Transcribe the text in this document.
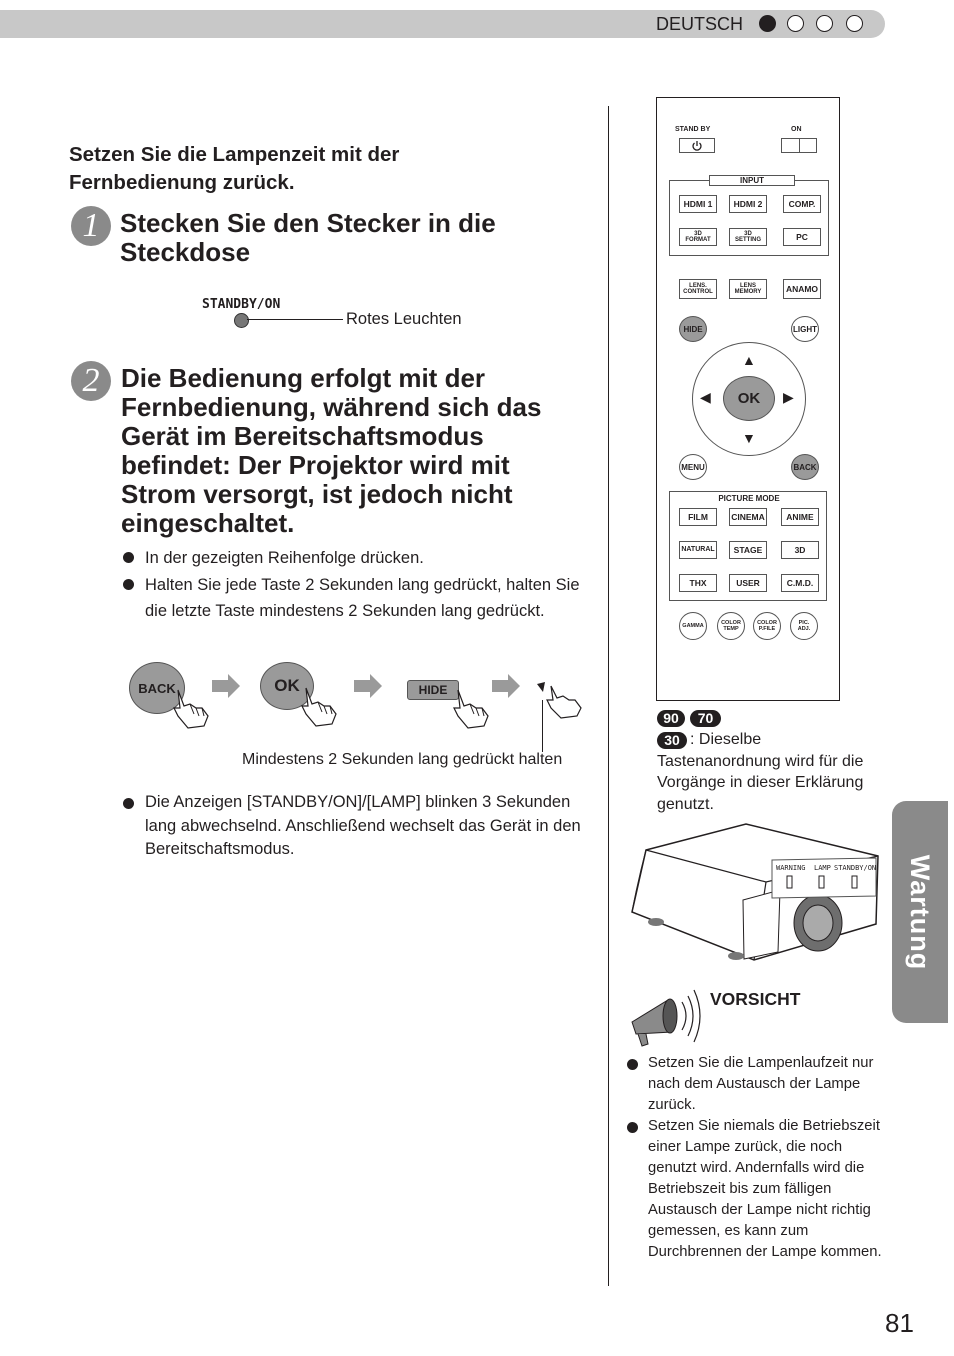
DEUTSCH
Setzen Sie die Lampenzeit mit der Fernbedienung zurück.
1 Stecken Sie den Stecker in die Steckdose
STANDBY/ON
Rotes Leuchten
2 Die Bedienung erfolgt mit der Fernbedienung, während sich das Gerät im Bereitschaftsmodus befindet: Der Projektor wird mit Strom versorgt, ist jedoch nicht eingeschaltet.
In der gezeigten Reihenfolge drücken.
Halten Sie jede Taste 2 Sekunden lang gedrückt, halten Sie die letzte Taste mindestens 2 Sekunden lang gedrückt.
BACK	OK	HIDE
Mindestens 2 Sekunden lang gedrückt halten
Die Anzeigen [STANDBY/ON]/[LAMP] blinken 3 Sekunden lang abwechselnd. Anschließend wechselt das Gerät in den Bereitschaftsmodus.
STAND BY	ON
INPUT
HDMI 1	HDMI 2	COMP.
3D
FORMAT
3D
SETTING	PC
LENS.
CONTROL
LENS
MEMORY	ANAMO
HIDE	LIGHT
▲
▼
◀	▶
OK
MENU	BACK
PICTURE MODE
FILM	CINEMA	ANIME
NATURAL	STAGE	3D
THX	USER	C.M.D.
GAMMA	COLOR
TEMP
COLOR
P.FILE
PIC.
ADJ.
90	70
30 : Dieselbe Tastenanordnung wird für die Vorgänge in dieser Erklärung genutzt.
WARNING LAMP STANDBY/ON
VORSICHT
Setzen Sie die Lampenlaufzeit nur nach dem Austausch der Lampe zurück.
Setzen Sie niemals die Betriebszeit einer Lampe zurück, die noch genutzt wird. Andernfalls wird die Betriebszeit bis zum fälligen Austausch der Lampe nicht richtig gemessen, es kann zum Durchbrennen der Lampe kommen.
Wartung
81
